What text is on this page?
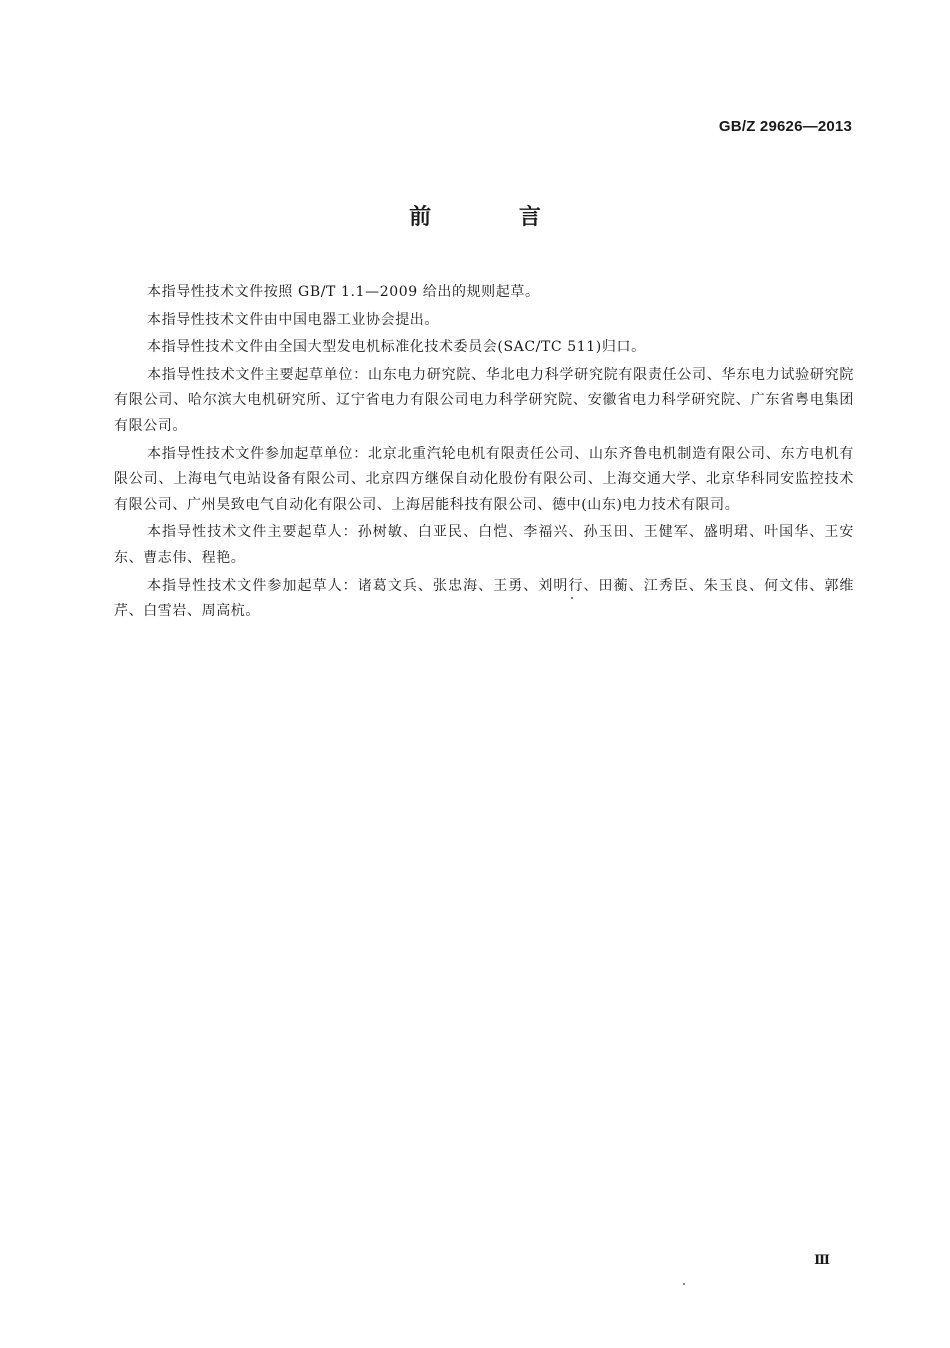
GB/Z 29626—2013
前 言

本指导性技术文件按照 GB/T 1.1—2009 给出的规则起草。

本指导性技术文件由中国电器工业协会提出。

本指导性技术文件由全国大型发电机标准化技术委员会(SAC/TC 511)归口。

本指导性技术文件主要起草单位：山东电力研究院、华北电力科学研究院有限责任公司、华东电力试验研究院有限公司、哈尔滨大电机研究所、辽宁省电力有限公司电力科学研究院、安徽省电力科学研究院、广东省粤电集团有限公司。

本指导性技术文件参加起草单位：北京北重汽轮电机有限责任公司、山东齐鲁电机制造有限公司、东方电机有限公司、上海电气电站设备有限公司、北京四方继保自动化股份有限公司、上海交通大学、北京华科同安监控技术有限公司、广州昊致电气自动化有限公司、上海居能科技有限公司、德中(山东)电力技术有限司。

本指导性技术文件主要起草人：孙树敏、白亚民、白恺、李福兴、孙玉田、王健军、盛明珺、叶国华、王安东、曹志伟、程艳。

本指导性技术文件参加起草人：诸葛文兵、张忠海、王勇、刘明行、田蘅、江秀臣、朱玉良、何文伟、郭维芹、白雪岩、周高杭。

Ⅲ
